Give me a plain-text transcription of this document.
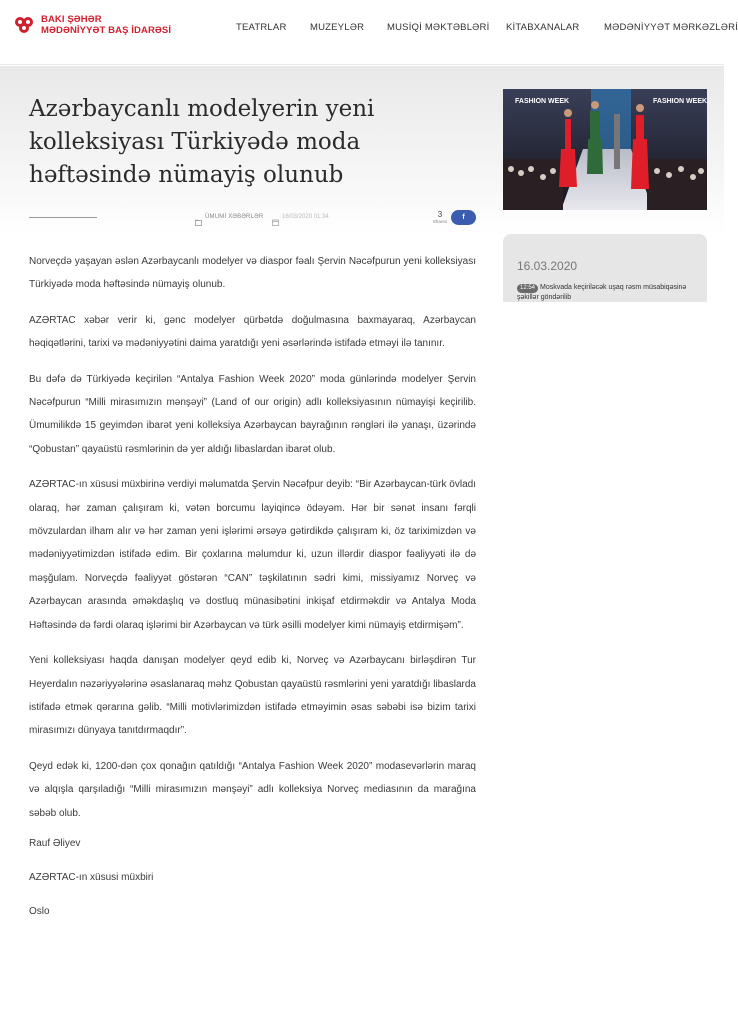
BAKI ŞƏHƏR
MƏDƏNİYYƏT BAŞ İDARƏSİ	TEATRLAR MUZEYLƏR MUSİQİ MƏKTƏBLƏRİ KİTABXANALAR	MƏDƏNİYYƏT MƏRKƏZLƏRİ
Azərbaycanlı modelyerin yeni kolleksiyası Türkiyədə moda həftəsində nümayiş olunub
ÜMUMİ XƏBƏRLƏR	16/03/2020 01:34	3
Shares
f

Norveçdə yaşayan əslən Azərbaycanlı modelyer və diaspor fəalı Şervin Nəcəfpurun yeni kolleksiyası Türkiyədə moda həftəsində nümayiş olunub.

AZƏRTAC xəbər verir ki, gənc modelyer qürbətdə doğulmasına baxmayaraq, Azərbaycan həqiqətlərini, tarixi və mədəniyyətini daima yaratdığı yeni əsərlərində istifadə etməyi ilə tanınır.

Bu dəfə də Türkiyədə keçirilən “Antalya Fashion Week 2020” moda günlərində modelyer Şervin Nəcəfpurun “Milli mirasımızın mənşəyi” (Land of our origin) adlı kolleksiyasının nümayişi keçirilib. Ümumilikdə 15 geyimdən ibarət yeni kolleksiya Azərbaycan bayrağının rəngləri ilə yanaşı, üzərində “Qobustan” qayaüstü rəsmlərinin də yer aldığı libaslardan ibarət olub.

AZƏRTAC-ın xüsusi müxbirinə verdiyi məlumatda Şervin Nəcəfpur deyib: “Bir Azərbaycan-türk övladı olaraq, hər zaman çalışıram ki, vətən borcumu layiqincə ödəyəm. Hər bir sənət insanı fərqli mövzulardan ilham alır və hər zaman yeni işlərimi ərsəyə gətirdikdə çalışıram ki, öz tariximizdən və mədəniyyətimizdən istifadə edim. Bir çoxlarına məlumdur ki, uzun illərdir diaspor fəaliyyəti ilə də məşğulam. Norveçdə fəaliyyət göstərən “CAN” təşkilatının sədri kimi, missiyamız Norveç və Azərbaycan arasında əməkdaşlıq və dostluq münasibətini inkişaf etdirməkdir və Antalya Moda Həftəsində də fərdi olaraq işlərimi bir Azərbaycan və türk əsilli modelyer kimi nümayiş etdirmişəm”.

Yeni kolleksiyası haqda danışan modelyer qeyd edib ki, Norveç və Azərbaycanı birləşdirən Tur Heyerdalın nəzəriyyələrinə əsaslanaraq məhz Qobustan qayaüstü rəsmlərini yeni yaratdığı libaslarda istifadə etmək qərarına gəlib. “Milli motivlərimizdən istifadə etməyimin əsas səbəbi isə bizim tarixi mirasımızı dünyaya tanıtdırmaqdır”.

Qeyd edək ki, 1200-dən çox qonağın qatıldığı “Antalya Fashion Week 2020” modasevərlərin maraq və alqışla qarşıladığı “Milli mirasımızın mənşəyi” adlı kolleksiya Norveç mediasının da marağına səbəb olub.

Rauf Əliyev

AZƏRTAC-ın xüsusi müxbiri

Oslo

FASHION WEEK	FASHION WEEK
16.03.2020
12:54 Moskvada keçiriləcək uşaq rəsm müsabiqəsinə şəkillər göndərilib
